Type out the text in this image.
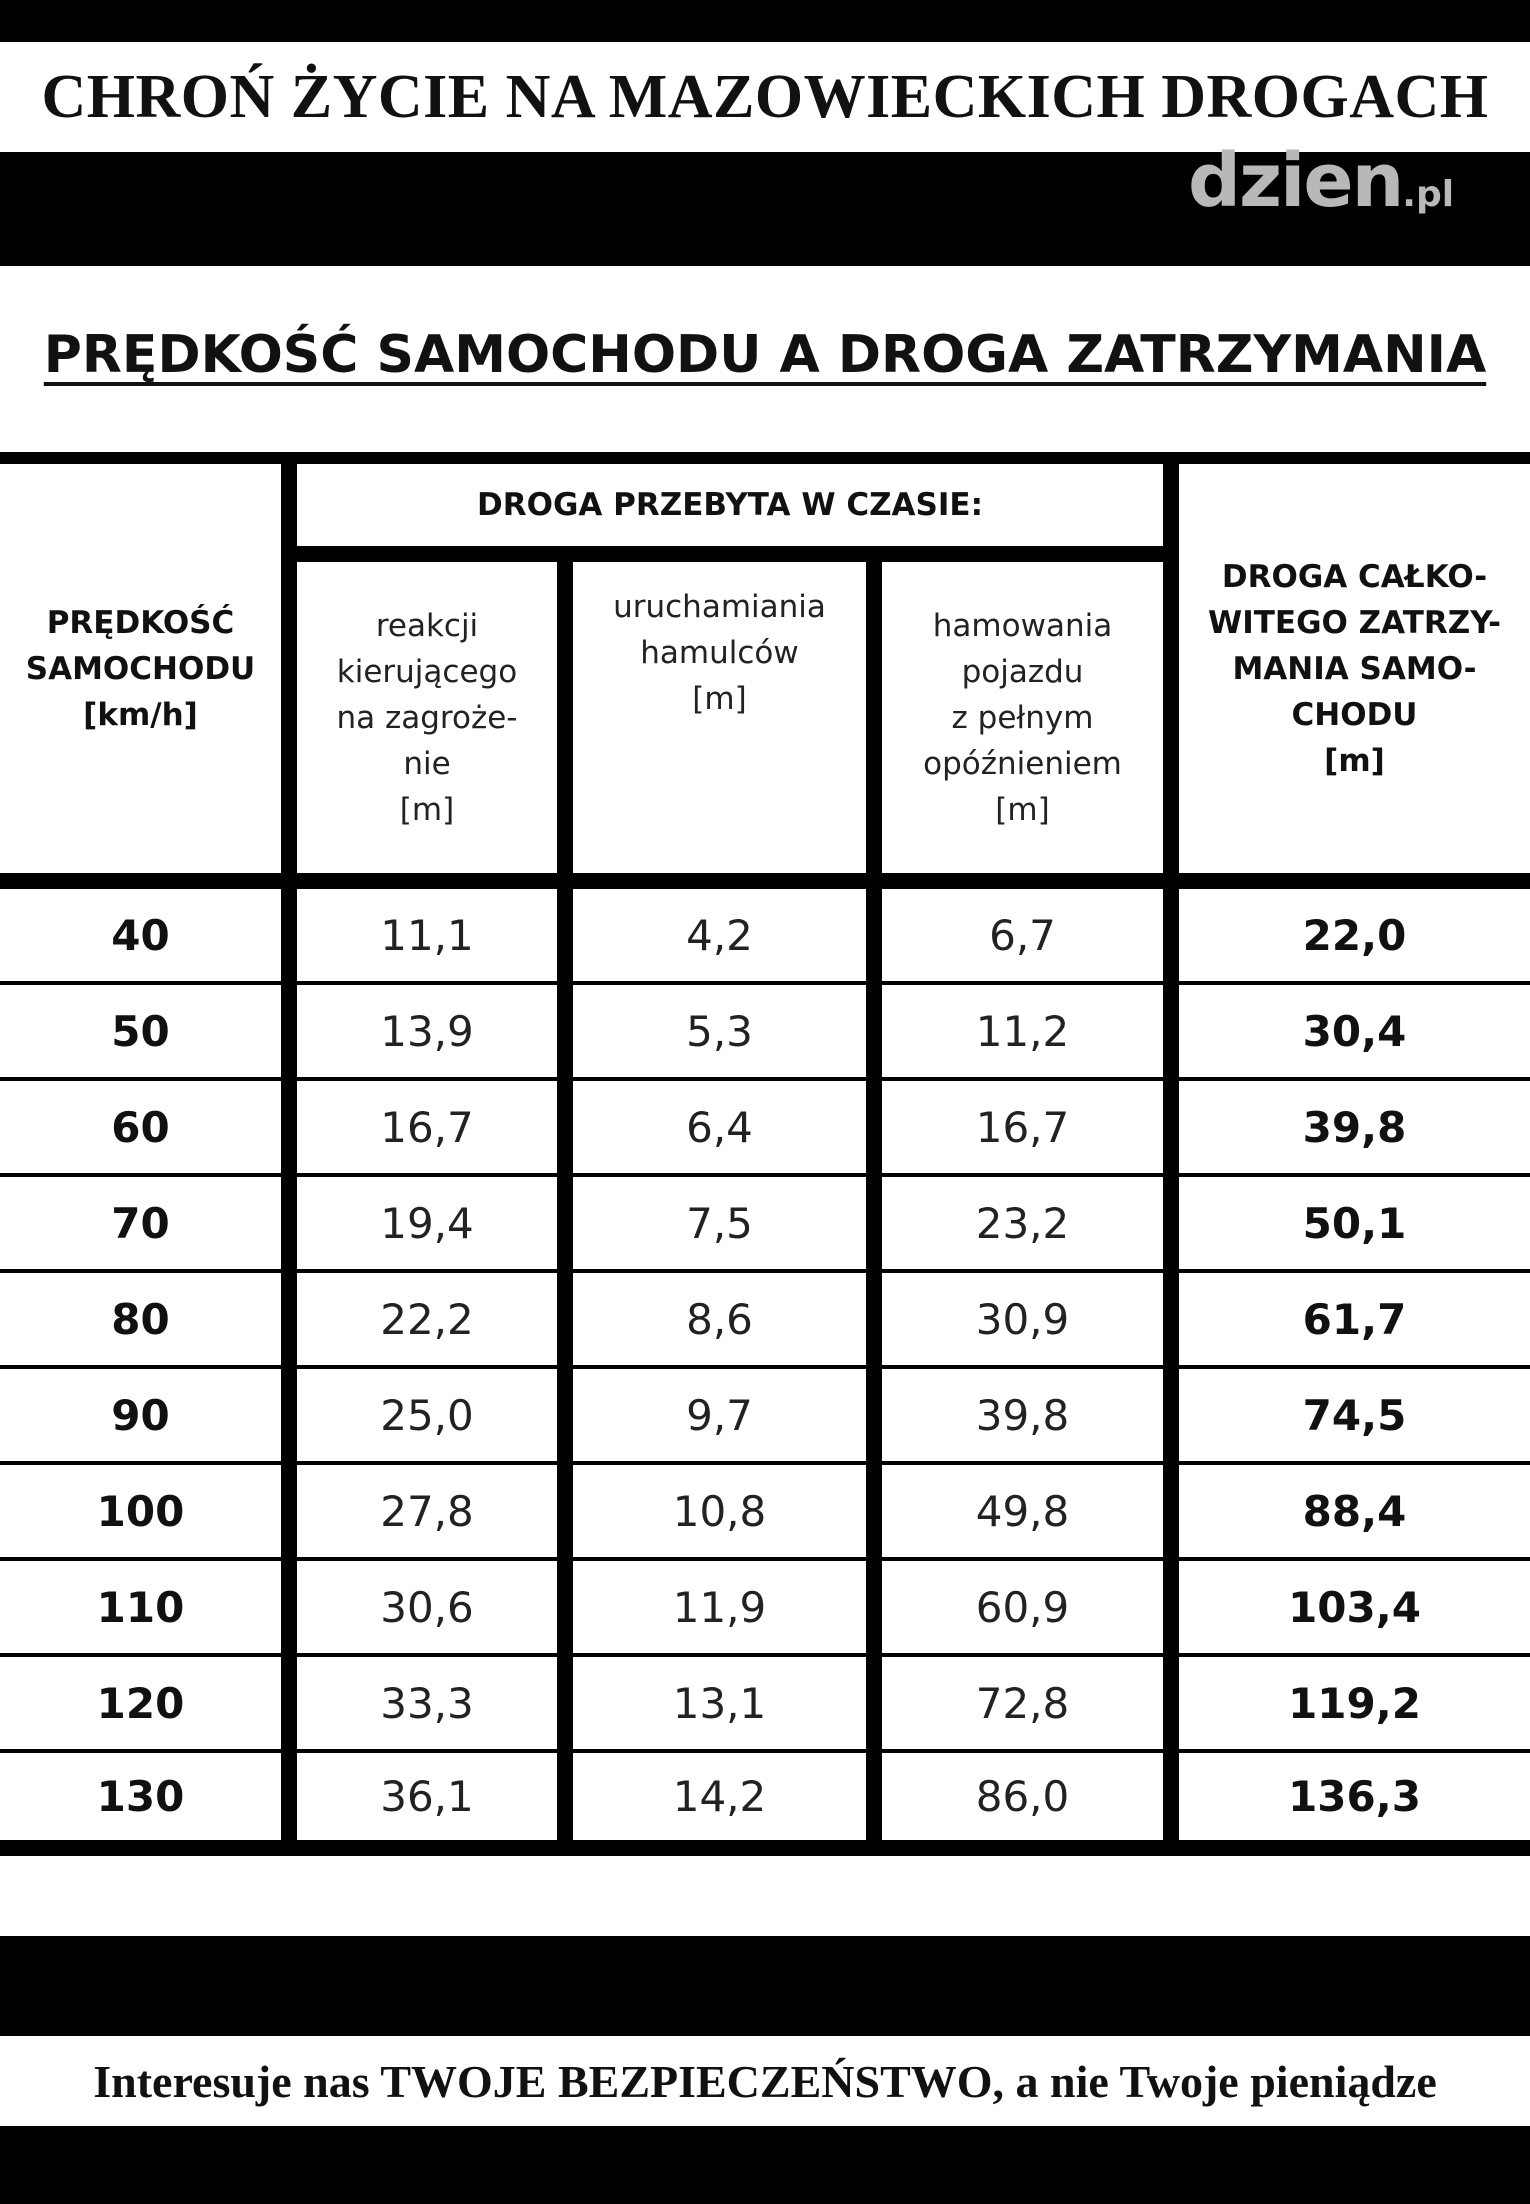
CHROŃ ŻYCIE NA MAZOWIECKICH DROGACH
dzien .pl
PRĘDKOŚĆ SAMOCHODU A DROGA ZATRZYMANIA
DROGA PRZEBYTA W CZASIE:
PRĘDKOŚĆ
SAMOCHODU
[km/h]
reakcji
kierującego
na zagroże-
nie
[m]
uruchamiania
hamulców
[m]
hamowania
pojazdu
z pełnym
opóźnieniem
[m]
DROGA CAŁKO-
WITEGO ZATRZY-
MANIA SAMO-
CHODU
[m]
40	11,1	4,2	6,7	22,0
50	13,9	5,3	11,2	30,4
60	16,7	6,4	16,7	39,8
70	19,4	7,5	23,2	50,1
80	22,2	8,6	30,9	61,7
90	25,0	9,7	39,8	74,5
100	27,8	10,8	49,8	88,4
110	30,6	11,9	60,9	103,4
120	33,3	13,1	72,8	119,2
130	36,1	14,2	86,0	136,3
Interesuje nas TWOJE BEZPIECZEŃSTWO, a nie Twoje pieniądze
